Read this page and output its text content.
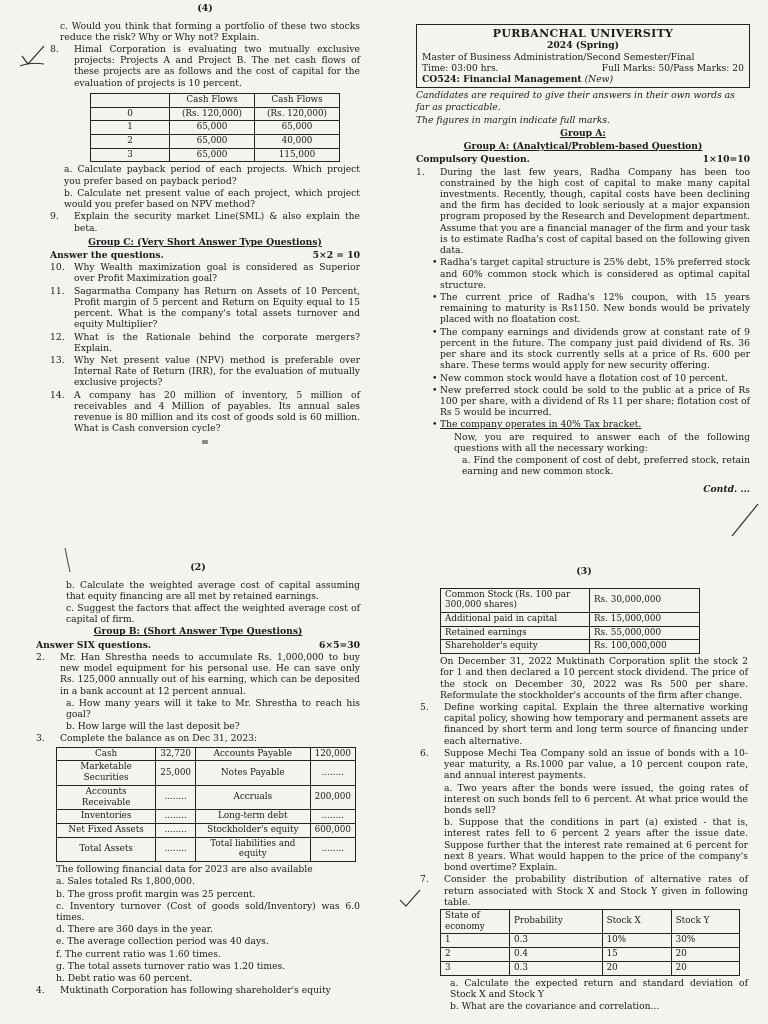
(4)

c. Would you think that forming a portfolio of these two stocks reduce the risk? Why or Why not? Explain.

8.	Himal Corporation is evaluating two mutually exclusive projects: Projects A and Project B. The net cash flows of these projects are as follows and the cost of capital for the evaluation of projects is 10 percent.
	Cash Flows	Cash Flows
0	(Rs. 120,000)	(Rs. 120,000)
1	65,000	65,000
2	65,000	40,000
3	65,000	115,000

a. Calculate payback period of each projects. Which project you prefer based on payback period?

b. Calculate net present value of each project, which project would you prefer based on NPV method?

9.	Explain the security market Line(SML) & also explain the beta.

Group C: (Very Short Answer Type Questions)

Answer the questions.	5×2 = 10
10.	Why Wealth maximization goal is considered as Superior over Profit Maximization goal?
11.	Sagarmatha Company has Return on Assets of 10 Percent, Profit margin of 5 percent and Return on Equity equal to 15 percent. What is the company's total assets turnover and equity Multiplier?
12.	What is the Rationale behind the corporate mergers? Explain.
13.	Why Net present value (NPV) method is preferable over Internal Rate of Return (IRR), for the evaluation of mutually exclusive projects?
14.	A company has 20 million of inventory, 5 million of receivables and 4 Million of payables. Its annual sales revenue is 80 million and its cost of goods sold is 60 million. What is Cash conversion cycle?

=

PURBANCHAL UNIVERSITY
2024 (Spring)
Master of Business Administration/Second Semester/Final
Time: 03:00 hrs.	Full Marks: 50/Pass Marks: 20
CO524: Financial Management (New)

Candidates are required to give their answers in their own words as far as practicable.

The figures in margin indicate full marks.

Group A:

Group A: (Analytical/Problem-based Question)

Compulsory Question.	1×10=10
1.	During the last few years, Radha Company has been too constrained by the high cost of capital to make many capital investments. Recently, though, capital costs have been declining and the firm has decided to look seriously at a major expansion program proposed by the Research and Development department. Assume that you are a financial manager of the firm and your task is to estimate Radha's cost of capital based on the following given data.
• Radha's target capital structure is 25% debt, 15% preferred stock and 60% common stock which is considered as optimal capital structure.
• The current price of Radha's 12% coupon, with 15 years remaining to maturity is Rs1150. New bonds would be privately placed with no floatation cost.
• The company earnings and dividends grow at constant rate of 9 percent in the future. The company just paid dividend of Rs. 36 per share and its stock currently sells at a price of Rs. 600 per share. These terms would apply for new security offering.
• New common stock would have a flotation cost of 10 percent.
• New preferred stock could be sold to the public at a price of Rs 100 per share, with a dividend of Rs 11 per share; flotation cost of Rs 5 would be incurred.
• The company operates in 40% Tax bracket.

Now, you are required to answer each of the following questions with all the necessary working:

a. Find the component of cost of debt, preferred stock, retain earning and new common stock.

Contd. ...

(2)

b. Calculate the weighted average cost of capital assuming that equity financing are all met by retained earnings.

c. Suggest the factors that affect the weighted average cost of capital of firm.

Group B: (Short Answer Type Questions)

Answer SIX questions.	6×5=30
2.	Mr. Han Shrestha needs to accumulate Rs. 1,000,000 to buy new model equipment for his personal use. He can save only Rs. 125,000 annually out of his earning, which can be deposited in a bank account at 12 percent annual.

a. How many years will it take to Mr. Shrestha to reach his goal?

b. How large will the last deposit be?

3.	Complete the balance as on Dec 31, 2023:
Cash	32,720	Accounts Payable	120,000
Marketable Securities	25,000	Notes Payable	........
Accounts Receivable	........	Accruals	200,000
Inventories	........	Long-term debt	........
Net Fixed Assets	........	Stockholder's equity	600,000
Total Assets	........	Total liabilities and equity	........

The following financial data for 2023 are also available

a. Sales totaled Rs 1,800,000.

b. The gross profit margin was 25 percent.

c. Inventory turnover (Cost of goods sold/Inventory) was 6.0 times.

d. There are 360 days in the year.

e. The average collection period was 40 days.

f. The current ratio was 1.60 times.

g. The total assets turnover ratio was 1.20 times.

h. Debt ratio was 60 percent.

4.	Muktinath Corporation has following shareholder's equity
(3)
Common Stock (Rs. 100 par 300,000 shares)	Rs. 30,000,000
Additional paid in capital	Rs. 15,000,000
Retained earnings	Rs. 55,000,000
Shareholder's equity	Rs. 100,000,000

On December 31, 2022 Muktinath Corporation split the stock 2 for 1 and then declared a 10 percent stock dividend. The price of the stock on December 30, 2022 was Rs 500 per share. Reformulate the stockholder's accounts of the firm after change.

5.	Define working capital. Explain the three alternative working capital policy, showing how temporary and permanent assets are financed by short term and long term source of financing under each alternative.
6.	Suppose Mechi Tea Company sold an issue of bonds with a 10-year maturity, a Rs.1000 par value, a 10 percent coupon rate, and annual interest payments.

a. Two years after the bonds were issued, the going rates of interest on such bonds fell to 6 percent. At what price would the bonds sell?

b. Suppose that the conditions in part (a) existed - that is, interest rates fell to 6 percent 2 years after the issue date. Suppose further that the interest rate remained at 6 percent for next 8 years. What would happen to the price of the company's bond overtime? Explain.

7.	Consider the probability distribution of alternative rates of return associated with Stock X and Stock Y given in following table.
State of economy	Probability	Stock X	Stock Y
1	0.3	10%	30%
2	0.4	15	20
3	0.3	20	20

a. Calculate the expected return and standard deviation of Stock X and Stock Y

b. What are the covariance and correlation...
